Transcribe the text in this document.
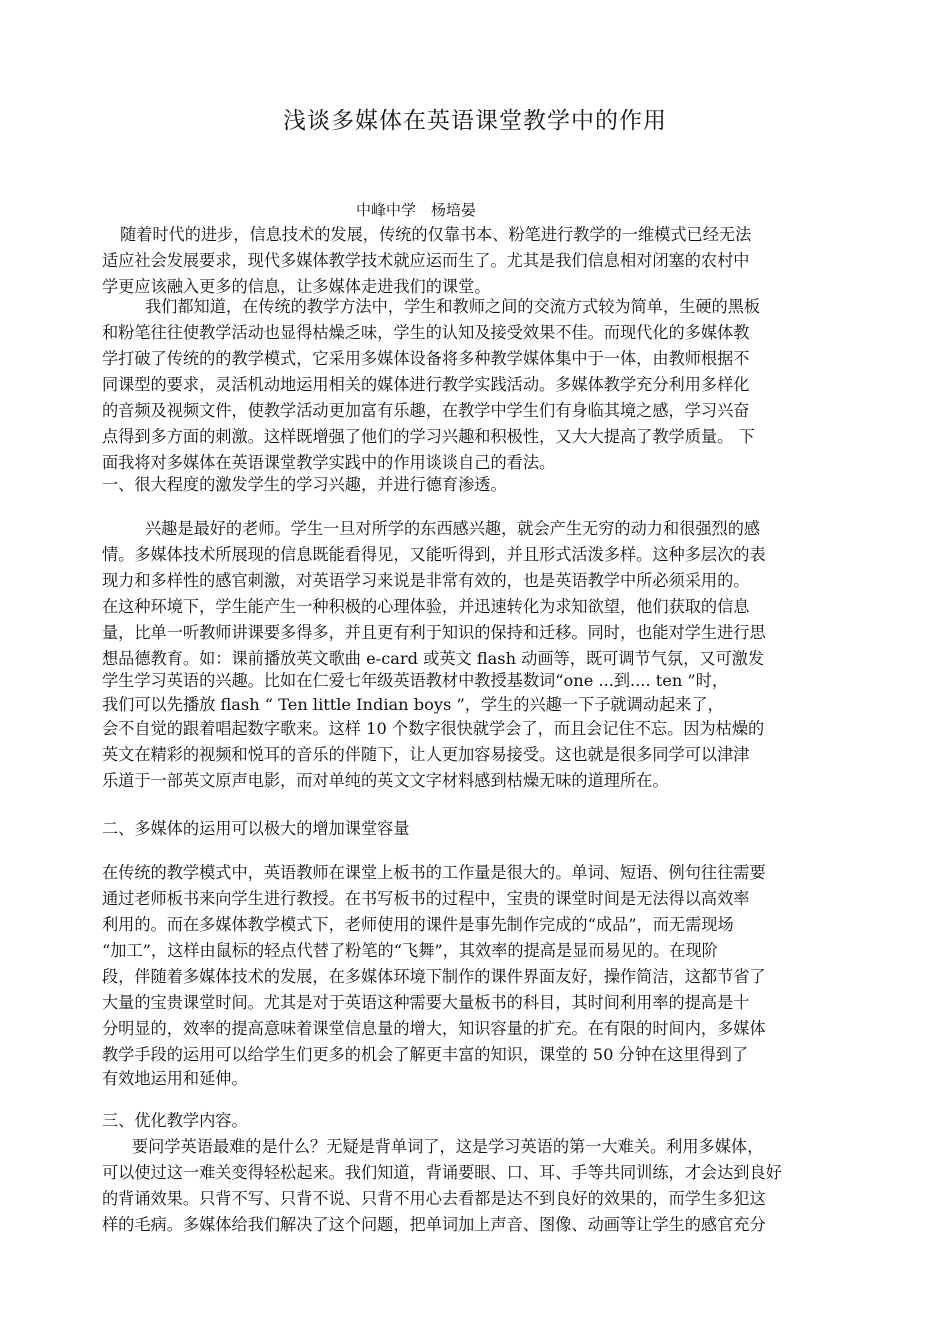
浅谈多媒体在英语课堂教学中的作用
中峰中学　杨培晏
随着时代的进步，信息技术的发展，传统的仅靠书本、粉笔进行教学的一维模式已经无法
适应社会发展要求，现代多媒体教学技术就应运而生了。尤其是我们信息相对闭塞的农村中
学更应该融入更多的信息，让多媒体走进我们的课堂。
我们都知道，在传统的教学方法中，学生和教师之间的交流方式较为简单，生硬的黑板
和粉笔往往使教学活动也显得枯燥乏味，学生的认知及接受效果不佳。而现代化的多媒体教
学打破了传统的的教学模式，它采用多媒体设备将多种教学媒体集中于一体，由教师根据不
同课型的要求，灵活机动地运用相关的媒体进行教学实践活动。多媒体教学充分利用多样化
的音频及视频文件，使教学活动更加富有乐趣，在教学中学生们有身临其境之感，学习兴奋
点得到多方面的刺激。这样既增强了他们的学习兴趣和积极性，又大大提高了教学质量。 下
面我将对多媒体在英语课堂教学实践中的作用谈谈自己的看法。
一、很大程度的激发学生的学习兴趣，并进行德育渗透。
兴趣是最好的老师。学生一旦对所学的东西感兴趣，就会产生无穷的动力和很强烈的感
情。多媒体技术所展现的信息既能看得见，又能听得到，并且形式活泼多样。这种多层次的表
现力和多样性的感官刺激，对英语学习来说是非常有效的，也是英语教学中所必须采用的。
在这种环境下，学生能产生一种积极的心理体验，并迅速转化为求知欲望，他们获取的信息
量，比单一听教师讲课要多得多，并且更有利于知识的保持和迁移。同时，也能对学生进行思
想品德教育。如：课前播放英文歌曲 e-card 或英文 flash 动画等，既可调节气氛，又可激发
学生学习英语的兴趣。比如在仁爱七年级英语教材中教授基数词“one ...到.... ten ”时，
我们可以先播放 flash “ Ten little Indian boys ”，学生的兴趣一下子就调动起来了，
会不自觉的跟着唱起数字歌来。这样 10 个数字很快就学会了，而且会记住不忘。因为枯燥的
英文在精彩的视频和悦耳的音乐的伴随下，让人更加容易接受。这也就是很多同学可以津津
乐道于一部英文原声电影，而对单纯的英文文字材料感到枯燥无味的道理所在。
二、多媒体的运用可以极大的增加课堂容量
在传统的教学模式中，英语教师在课堂上板书的工作量是很大的。单词、短语、例句往往需要
通过老师板书来向学生进行教授。在书写板书的过程中，宝贵的课堂时间是无法得以高效率
利用的。而在多媒体教学模式下，老师使用的课件是事先制作完成的“成品”，而无需现场
“加工”，这样由鼠标的轻点代替了粉笔的“飞舞”，其效率的提高是显而易见的。在现阶
段，伴随着多媒体技术的发展，在多媒体环境下制作的课件界面友好，操作简洁，这都节省了
大量的宝贵课堂时间。尤其是对于英语这种需要大量板书的科目，其时间利用率的提高是十
分明显的，效率的提高意味着课堂信息量的增大，知识容量的扩充。在有限的时间内，多媒体
教学手段的运用可以给学生们更多的机会了解更丰富的知识，课堂的 50 分钟在这里得到了
有效地运用和延伸。
三、优化教学内容。
要问学英语最难的是什么？无疑是背单词了，这是学习英语的第一大难关。利用多媒体，
可以使过这一难关变得轻松起来。我们知道，背诵要眼、口、耳、手等共同训练，才会达到良好
的背诵效果。只背不写、只背不说、只背不用心去看都是达不到良好的效果的，而学生多犯这
样的毛病。多媒体给我们解决了这个问题，把单词加上声音、图像、动画等让学生的感官充分
